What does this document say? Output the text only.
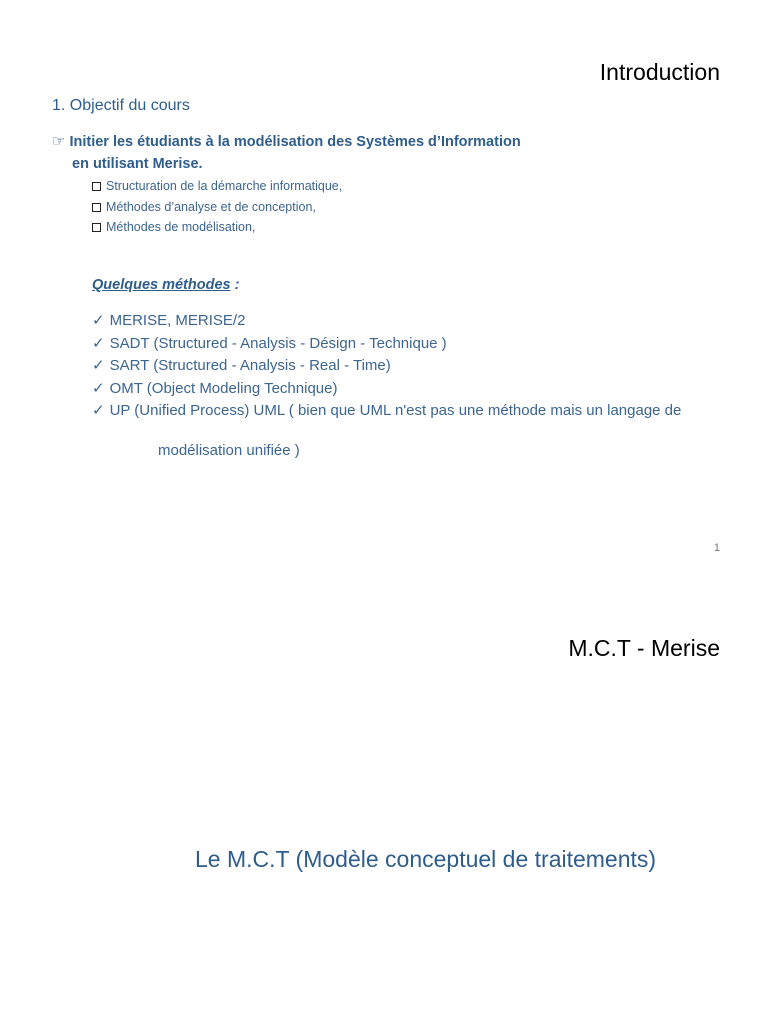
Introduction
1. Objectif du cours
☞ Initier les étudiants à la modélisation des Systèmes d’Information
en utilisant Merise.
Structuration de la démarche informatique,
Méthodes d’analyse et de conception,
Méthodes de modélisation,
Quelques méthodes :
✓ MERISE, MERISE/2
✓ SADT (Structured - Analysis - Désign - Technique )
✓ SART (Structured - Analysis - Real - Time)
✓ OMT (Object Modeling Technique)
✓ UP (Unified Process) UML ( bien que UML n'est pas une méthode mais un langage de
modélisation unifiée )
1
M.C.T - Merise
Le M.C.T (Modèle conceptuel de traitements)
